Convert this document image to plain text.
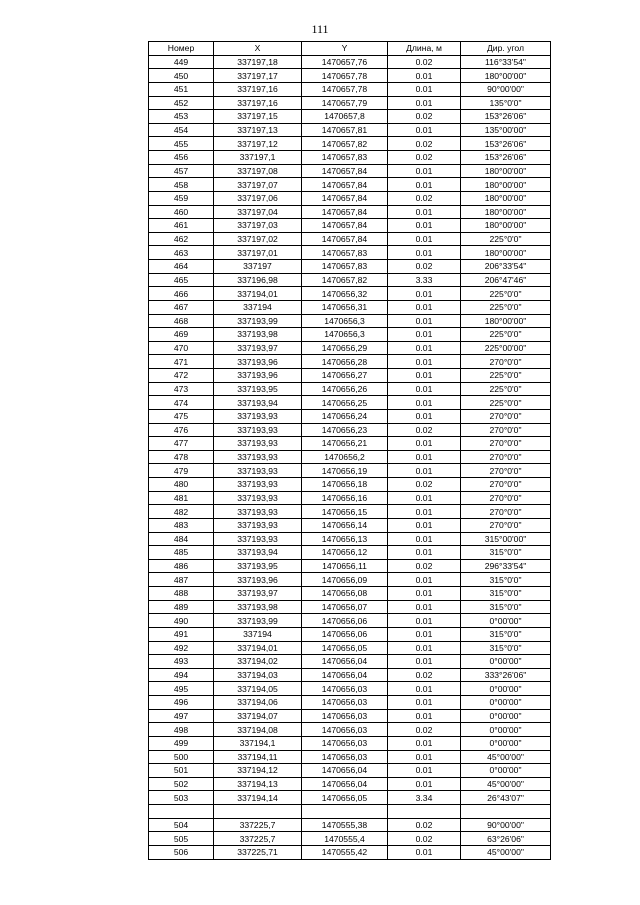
111
Номер	X	Y	Длина, м	Дир. угол
449	337197,18	1470657,76	0.02	116°33'54"
450	337197,17	1470657,78	0.01	180°00'00"
451	337197,16	1470657,78	0.01	90°00'00"
452	337197,16	1470657,79	0.01	135°0'0"
453	337197,15	1470657,8	0.02	153°26'06"
454	337197,13	1470657,81	0.01	135°00'00"
455	337197,12	1470657,82	0.02	153°26'06"
456	337197,1	1470657,83	0.02	153°26'06"
457	337197,08	1470657,84	0.01	180°00'00"
458	337197,07	1470657,84	0.01	180°00'00"
459	337197,06	1470657,84	0.02	180°00'00"
460	337197,04	1470657,84	0.01	180°00'00"
461	337197,03	1470657,84	0.01	180°00'00"
462	337197,02	1470657,84	0.01	225°0'0"
463	337197,01	1470657,83	0.01	180°00'00"
464	337197	1470657,83	0.02	206°33'54"
465	337196,98	1470657,82	3.33	206°47'46"
466	337194,01	1470656,32	0.01	225°0'0"
467	337194	1470656,31	0.01	225°0'0"
468	337193,99	1470656,3	0.01	180°00'00"
469	337193,98	1470656,3	0.01	225°0'0"
470	337193,97	1470656,29	0.01	225°00'00"
471	337193,96	1470656,28	0.01	270°0'0"
472	337193,96	1470656,27	0.01	225°0'0"
473	337193,95	1470656,26	0.01	225°0'0"
474	337193,94	1470656,25	0.01	225°0'0"
475	337193,93	1470656,24	0.01	270°0'0"
476	337193,93	1470656,23	0.02	270°0'0"
477	337193,93	1470656,21	0.01	270°0'0"
478	337193,93	1470656,2	0.01	270°0'0"
479	337193,93	1470656,19	0.01	270°0'0"
480	337193,93	1470656,18	0.02	270°0'0"
481	337193,93	1470656,16	0.01	270°0'0"
482	337193,93	1470656,15	0.01	270°0'0"
483	337193,93	1470656,14	0.01	270°0'0"
484	337193,93	1470656,13	0.01	315°00'00"
485	337193,94	1470656,12	0.01	315°0'0"
486	337193,95	1470656,11	0.02	296°33'54"
487	337193,96	1470656,09	0.01	315°0'0"
488	337193,97	1470656,08	0.01	315°0'0"
489	337193,98	1470656,07	0.01	315°0'0"
490	337193,99	1470656,06	0.01	0°00'00"
491	337194	1470656,06	0.01	315°0'0"
492	337194,01	1470656,05	0.01	315°0'0"
493	337194,02	1470656,04	0.01	0°00'00"
494	337194,03	1470656,04	0.02	333°26'06"
495	337194,05	1470656,03	0.01	0°00'00"
496	337194,06	1470656,03	0.01	0°00'00"
497	337194,07	1470656,03	0.01	0°00'00"
498	337194,08	1470656,03	0.02	0°00'00"
499	337194,1	1470656,03	0.01	0°00'00"
500	337194,11	1470656,03	0.01	45°00'00"
501	337194,12	1470656,04	0.01	0°00'00"
502	337194,13	1470656,04	0.01	45°00'00"
503	337194,14	1470656,05	3.34	26°43'07"

504	337225,7	1470555,38	0.02	90°00'00"
505	337225,7	1470555,4	0.02	63°26'06"
506	337225,71	1470555,42	0.01	45°00'00"
